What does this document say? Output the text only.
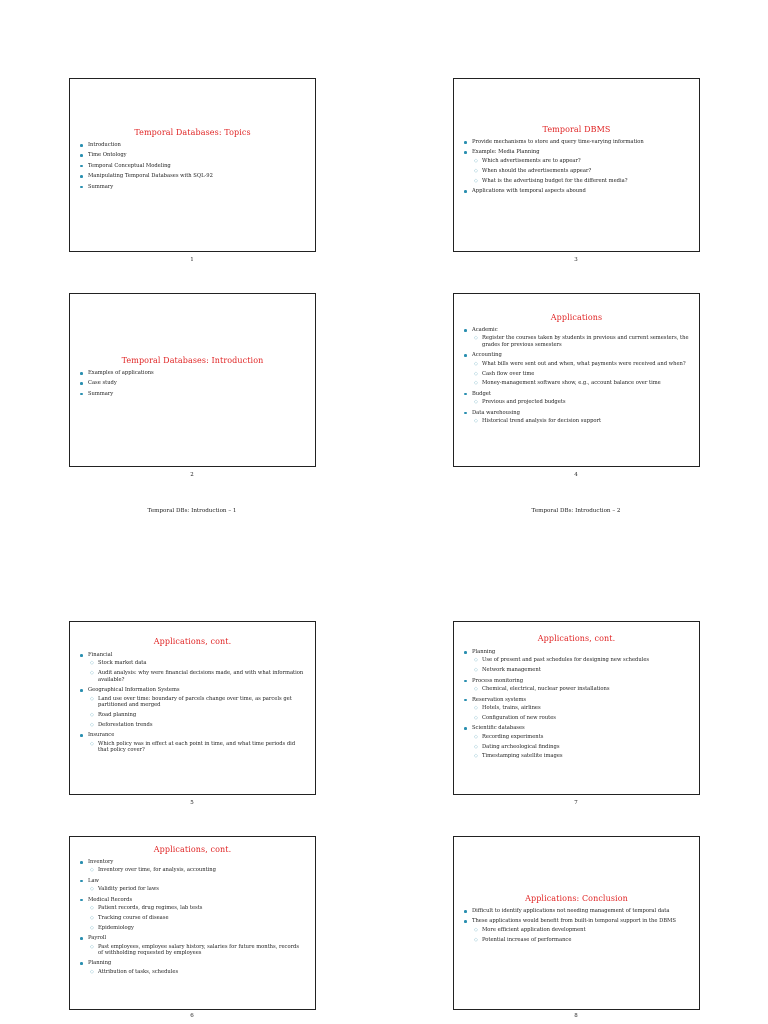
Temporal Databases: Topics
Introduction
Time Ontology
Temporal Conceptual Modeling
Manipulating Temporal Databases with SQL-92
Summary
1
Temporal DBMS
Provide mechanisms to store and query time-varying information
Example: Media Planning
◇ Which advertisements are to appear?
◇ When should the advertisements appear?
◇ What is the advertising budget for the different media?
Applications with temporal aspects abound
3
Temporal Databases: Introduction
Examples of applications
Case study
Summary
2
Applications
Academic
◇ Register the courses taken by students in previous and current semesters, the grades for previous semesters
Accounting
◇ What bills were sent out and when, what payments were received and when?
◇ Cash flow over time
◇ Money-management software show, e.g., account balance over time
Budget
◇ Previous and projected budgets
Data warehousing
◇ Historical trend analysis for decision support
4
Temporal DBs: Introduction – 1	Temporal DBs: Introduction – 2
Applications, cont.
Financial
◇ Stock market data
◇ Audit analysis: why were financial decisions made, and with what information available?
Geographical Information Systems
◇ Land use over time: boundary of parcels change over time, as parcels get partitioned and merged
◇ Road planning
◇ Deforestation trends
Insurance
◇ Which policy was in effect at each point in time, and what time periods did that policy cover?
5
Applications, cont.
Planning
◇ Use of present and past schedules for designing new schedules
◇ Network management
Process monitoring
◇ Chemical, electrical, nuclear power installations
Reservation systems
◇ Hotels, trains, airlines
◇ Configuration of new routes
Scientific databases
◇ Recording experiments
◇ Dating archeological findings
◇ Timestamping satellite images
7
Applications, cont.
Inventory
◇ Inventory over time, for analysis, accounting
Law
◇ Validity period for laws
Medical Records
◇ Patient records, drug regimes, lab tests
◇ Tracking course of disease
◇ Epidemiology
Payroll
◇ Past employees, employee salary history, salaries for future months, records of withholding requested by employees
Planning
◇ Attribution of tasks, schedules
6
Applications: Conclusion
Difficult to identify applications not needing management of temporal data
These applications would benefit from built-in temporal support in the DBMS
◇ More efficient application development
◇ Potential increase of performance
8
